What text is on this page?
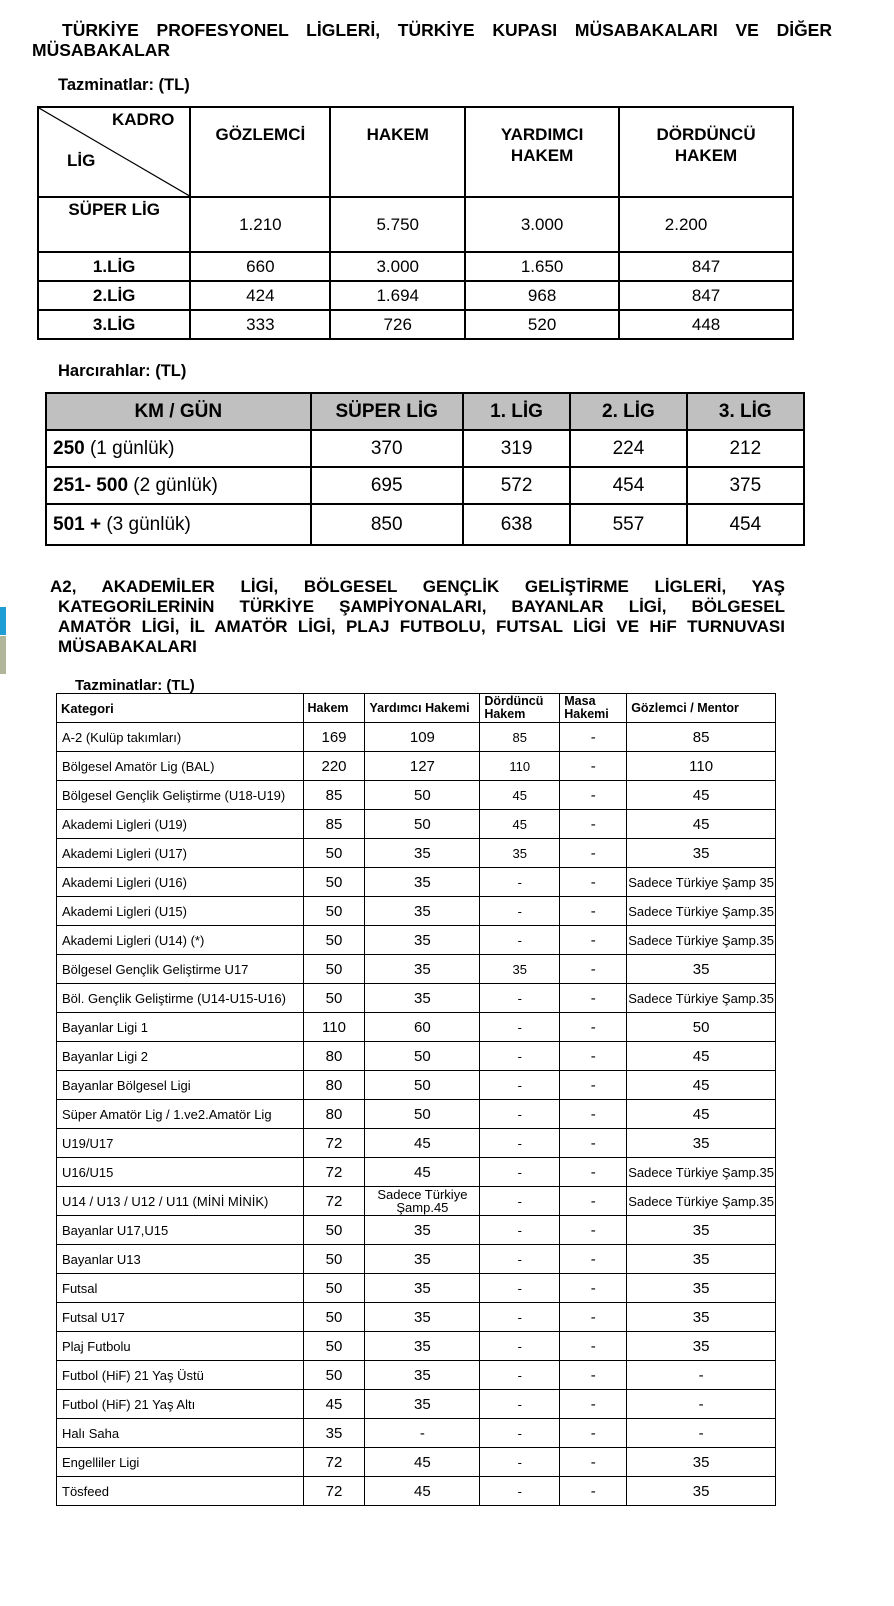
TÜRKİYE PROFESYONEL LİGLERİ, TÜRKİYE KUPASI MÜSABAKALARI VE DİĞER
MÜSABAKALAR
Tazminatlar: (TL)
KADRO
LİG	GÖZLEMCİ	HAKEM	YARDIMCI HAKEM	DÖRDÜNCÜ HAKEM

SÜPER LİG	1.210	5.750	3.000	2.200
1.LİG	660	3.000	1.650	847
2.LİG	424	1.694	968	847
3.LİG	333	726	520	448
Harcırahlar: (TL)
KM / GÜN	SÜPER LİG	1. LİG	2. LİG	3. LİG
250 (1 günlük)	370	319	224	212
251- 500 (2 günlük)	695	572	454	375
501 + (3 günlük)	850	638	557	454
A2, AKADEMİLER LİGİ, BÖLGESEL GENÇLİK GELİŞTİRME LİGLERİ, YAŞ
KATEGORİLERİNİN TÜRKİYE ŞAMPİYONALARI, BAYANLAR LİGİ, BÖLGESEL
AMATÖR LİGİ, İL AMATÖR LİGİ, PLAJ FUTBOLU, FUTSAL LİGİ VE HiF TURNUVASI
MÜSABAKALARI
Tazminatlar: (TL)
Kategori	Hakem	Yardımcı Hakemi	Dördüncü Hakem	Masa Hakemi	Gözlemci / Mentor
A-2 (Kulüp takımları)	169	109	85	-	85
Bölgesel Amatör Lig (BAL)	220	127	110	-	110
Bölgesel Gençlik Geliştirme (U18-U19)	85	50	45	-	45
Akademi Ligleri (U19)	85	50	45	-	45
Akademi Ligleri (U17)	50	35	35	-	35
Akademi Ligleri (U16)	50	35	-	-	Sadece Türkiye Şamp 35
Akademi Ligleri (U15)	50	35	-	-	Sadece Türkiye Şamp.35
Akademi Ligleri (U14) (*)	50	35	-	-	Sadece Türkiye Şamp.35
Bölgesel Gençlik Geliştirme U17	50	35	35	-	35
Böl. Gençlik Geliştirme (U14-U15-U16)	50	35	-	-	Sadece Türkiye Şamp.35
Bayanlar Ligi 1	110	60	-	-	50
Bayanlar Ligi 2	80	50	-	-	45
Bayanlar Bölgesel Ligi	80	50	-	-	45
Süper Amatör Lig / 1.ve2.Amatör Lig	80	50	-	-	45
U19/U17	72	45	-	-	35
U16/U15	72	45	-	-	Sadece Türkiye Şamp.35
U14 / U13 / U12 / U11 (MİNİ MİNİK)	72	Sadece Türkiye Şamp.45	-	-	Sadece Türkiye Şamp.35
Bayanlar U17,U15	50	35	-	-	35
Bayanlar U13	50	35	-	-	35
Futsal	50	35	-	-	35
Futsal U17	50	35	-	-	35
Plaj Futbolu	50	35	-	-	35
Futbol (HiF) 21 Yaş Üstü	50	35	-	-	-
Futbol (HiF) 21 Yaş Altı	45	35	-	-	-
Halı Saha	35	-	-	-	-
Engelliler Ligi	72	45	-	-	35
Tösfeed	72	45	-	-	35
